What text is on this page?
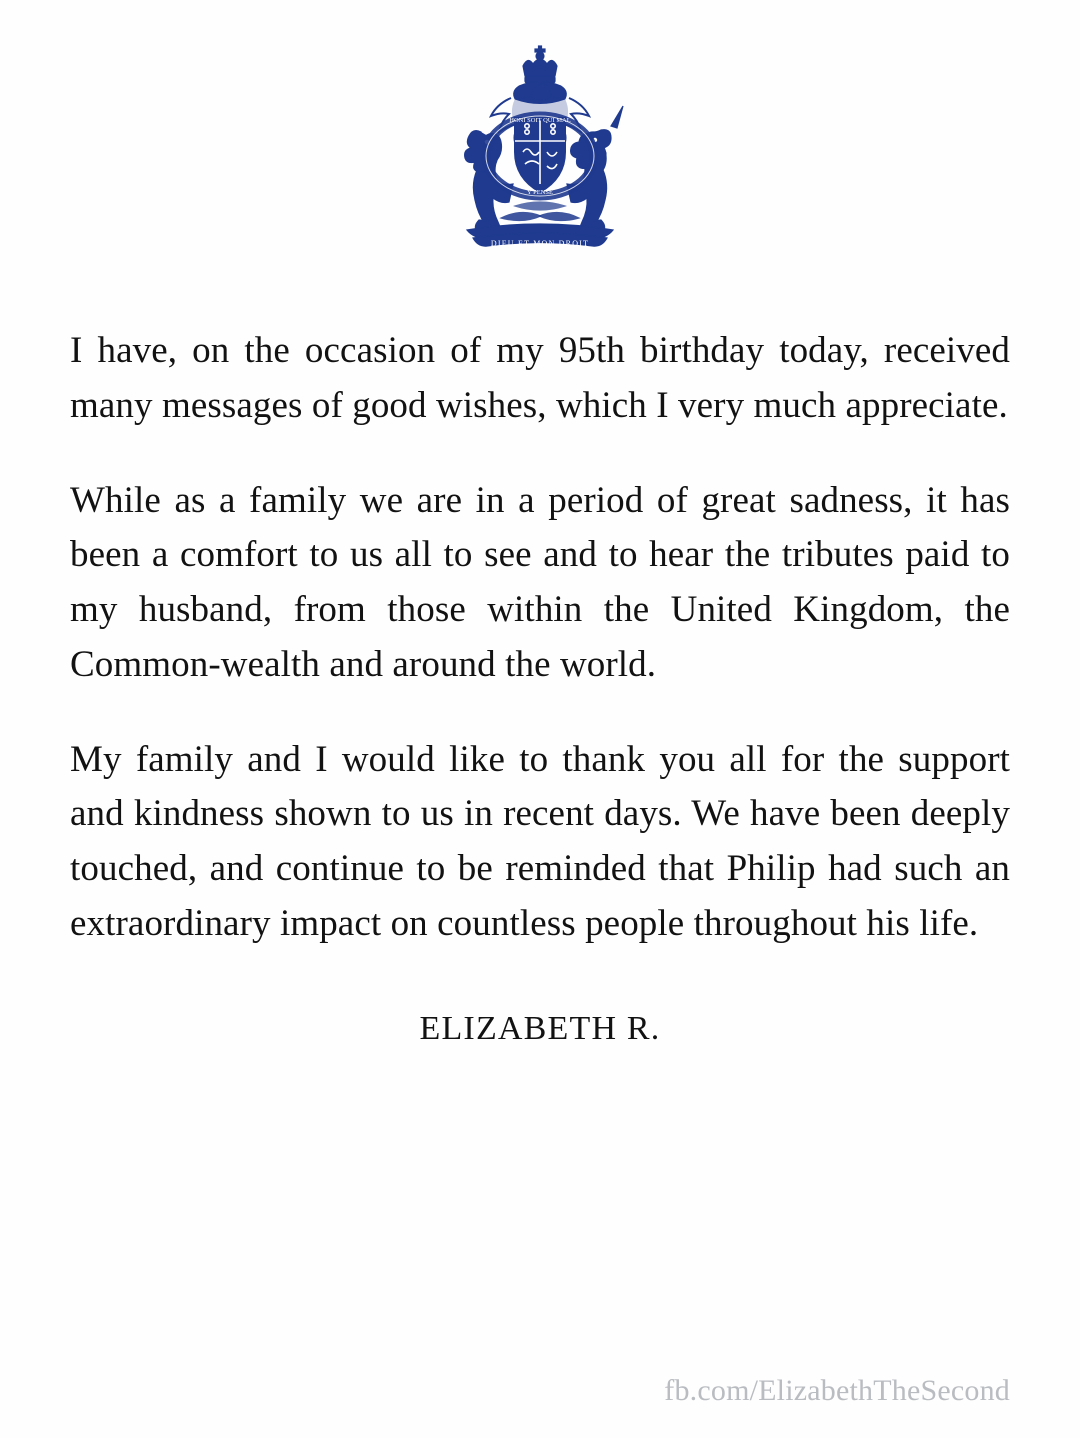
HONI SOIT QUI MAL
Y PENSE
DIEU ET MON DROIT

I have, on the occasion of my 95th birthday today, received many messages of good wishes, which I very much appreciate.

While as a family we are in a period of great sadness, it has been a comfort to us all to see and to hear the tributes paid to my husband, from those within the United Kingdom, the Common-wealth and around the world.

My family and I would like to thank you all for the support and kindness shown to us in recent days. We have been deeply touched, and continue to be reminded that Philip had such an extraordinary impact on countless people throughout his life.

ELIZABETH R.
fb.com/ElizabethTheSecond
